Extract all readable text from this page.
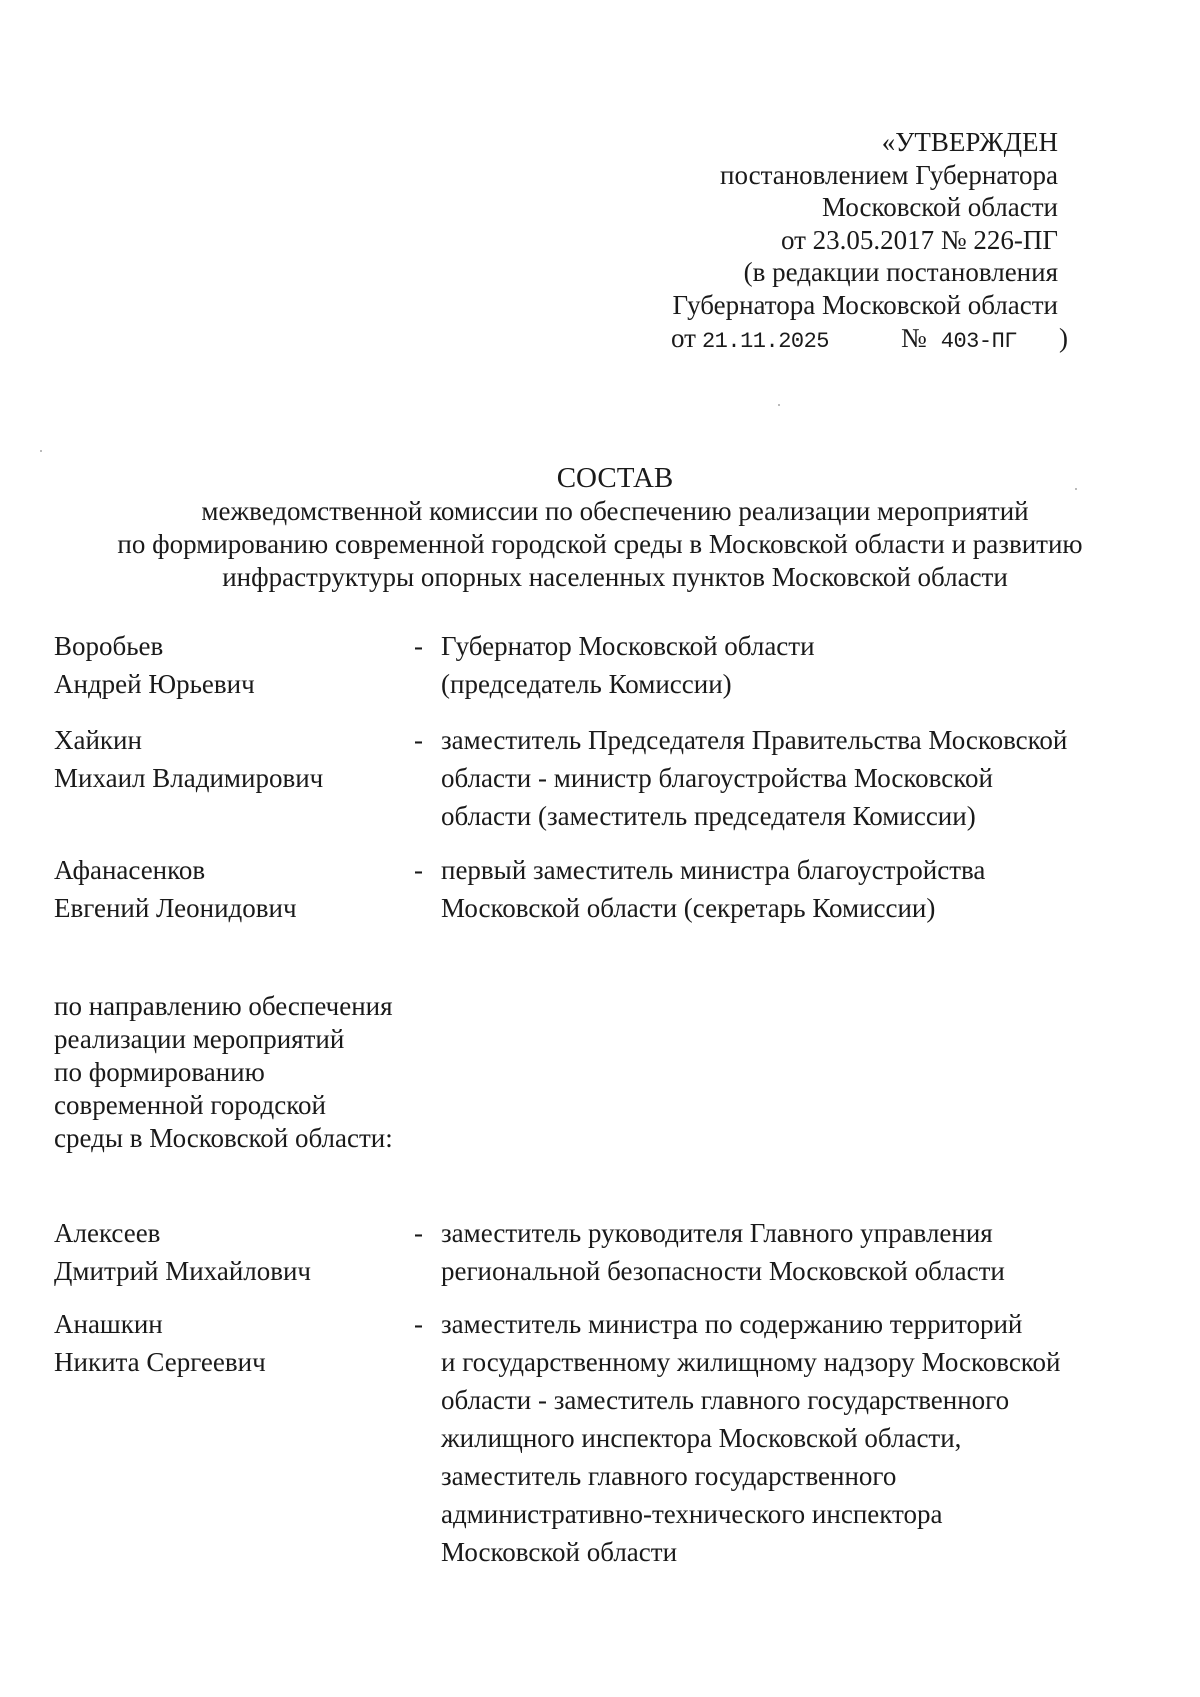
«УТВЕРЖДЕН
постановлением Губернатора
Московской области
от 23.05.2017 № 226-ПГ
(в редакции постановления
Губернатора Московской области
от 21.11.2025	№ 403-ПГ )
СОСТАВ
межведомственной комиссии по обеспечению реализации мероприятий
по формированию современной городской среды в Московской области и развитию
инфраструктуры опорных населенных пунктов Московской области
Воробьев
Андрей Юрьевич
- Губернатор Московской области
(председатель Комиссии)
Хайкин
Михаил Владимирович
- заместитель Председателя Правительства Московской
области - министр благоустройства Московской
области (заместитель председателя Комиссии)
Афанасенков
Евгений Леонидович
- первый заместитель министра благоустройства
Московской области (секретарь Комиссии)
по направлению обеспечения
реализации мероприятий
по формированию
современной городской
среды в Московской области:
Алексеев
Дмитрий Михайлович
- заместитель руководителя Главного управления
региональной безопасности Московской области
Анашкин
Никита Сергеевич
- заместитель министра по содержанию территорий
и государственному жилищному надзору Московской
области - заместитель главного государственного
жилищного инспектора Московской области,
заместитель главного государственного
административно-технического инспектора
Московской области
